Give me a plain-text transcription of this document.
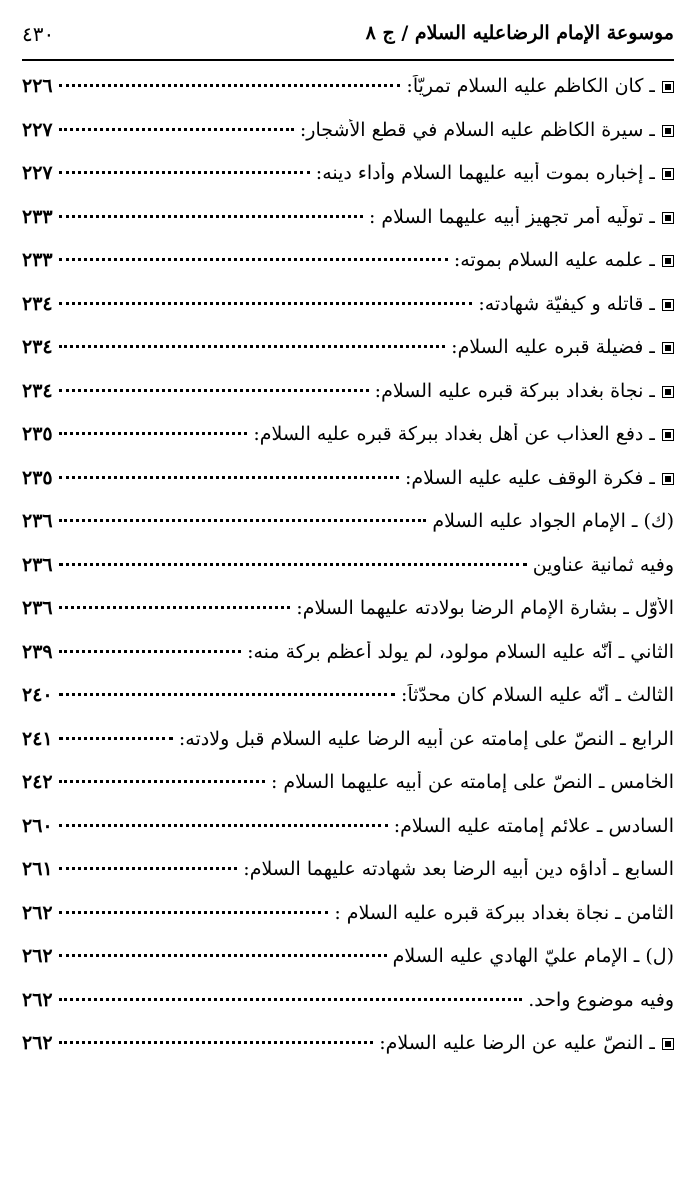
موسوعة الإمام الرضاعليه السلام / ج ٨
٤٣٠
ـ كان الكاظم عليه السلام تمريّاً:
٢٢٦
ـ سيرة الكاظم عليه السلام في قطع الأشجار:
٢٢٧
ـ إخباره بموت أبيه عليهما السلام وأداء دينه:
٢٢٧
ـ تولّيه أمر تجهيز أبيه عليهما السلام :
٢٣٣
ـ علمه عليه السلام بموته:
٢٣٣
ـ قاتله و كيفيّة شهادته:
٢٣٤
ـ فضيلة قبره عليه السلام:
٢٣٤
ـ نجاة بغداد ببركة قبره عليه السلام:
٢٣٤
ـ دفع العذاب عن أهل بغداد ببركة قبره عليه السلام:
٢٣٥
ـ فكرة الوقف عليه عليه السلام:
٢٣٥
(ك) ـ الإمام الجواد عليه السلام
٢٣٦
وفيه ثمانية عناوين
٢٣٦
الأوّل ـ بشارة الإمام الرضا بولادته عليهما السلام:
٢٣٦
الثاني ـ أنّه عليه السلام مولود، لم يولد أعظم بركة منه:
٢٣٩
الثالث ـ أنّه عليه السلام كان محدّثاً:
٢٤٠
الرابع ـ النصّ على إمامته عن أبيه الرضا عليه السلام قبل ولادته:
٢٤١
الخامس ـ النصّ على إمامته عن أبيه عليهما السلام :
٢٤٢
السادس ـ علائم إمامته عليه السلام:
٢٦٠
السابع ـ أداؤه دين أبيه الرضا بعد شهادته عليهما السلام:
٢٦١
الثامن ـ نجاة بغداد ببركة قبره عليه السلام :
٢٦٢
(ل) ـ الإمام عليّ الهادي عليه السلام
٢٦٢
وفيه موضوع واحد.
٢٦٢
ـ النصّ عليه عن الرضا عليه السلام:
٢٦٢
